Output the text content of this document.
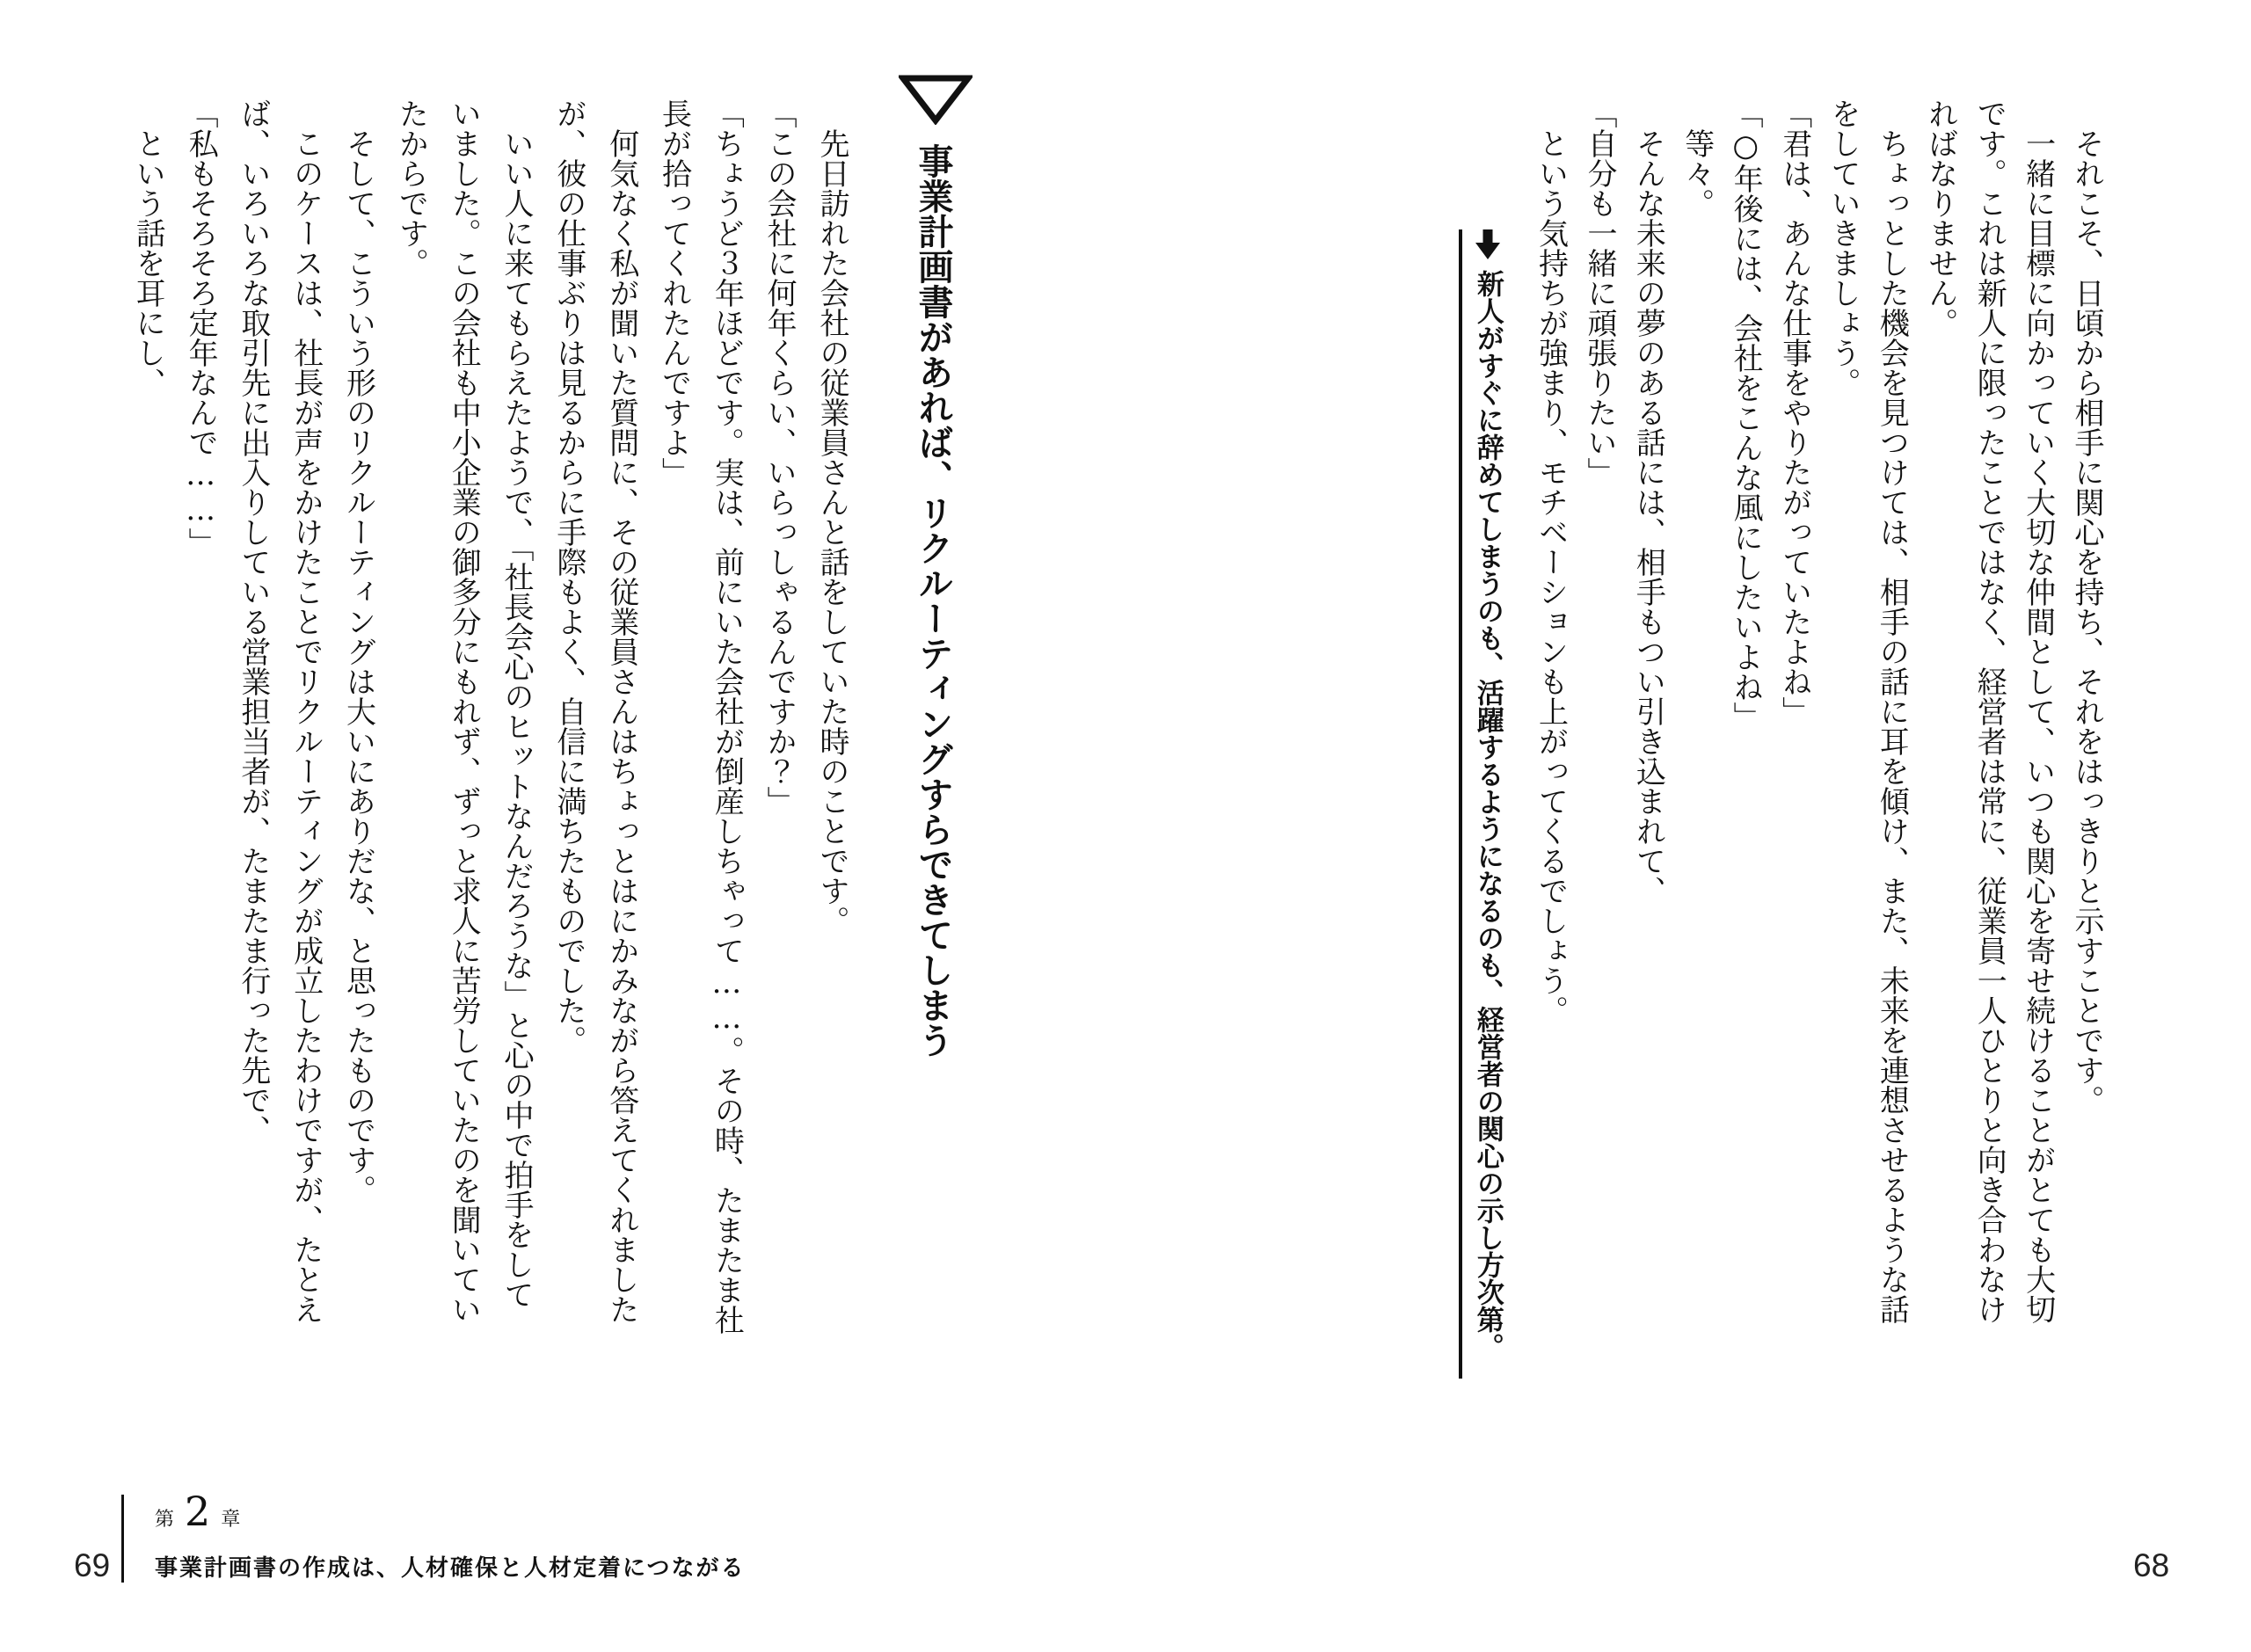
それこそ、日頃から相手に関心を持ち、それをはっきりと示すことです。

一緒に目標に向かっていく大切な仲間として、いつも関心を寄せ続けることがとても大切

です。これは新人に限ったことではなく、経営者は常に、従業員一人ひとりと向き合わなけ

ればなりません。

ちょっとした機会を見つけては、相手の話に耳を傾け、また、未来を連想させるような話

をしていきましょう。

「君は、あんな仕事をやりたがっていたよね」

「○年後には、会社をこんな風にしたいよね」

等々。

そんな未来の夢のある話には、相手もつい引き込まれて、

「自分も一緒に頑張りたい」

という気持ちが強まり、モチベーションも上がってくるでしょう。

新人がすぐに辞めてしまうのも、活躍するようになるのも、経営者の関心の示し方次第。

68

事業計画書があれば、リクルーティングすらできてしまう

先日訪れた会社の従業員さんと話をしていた時のことです。

「この会社に何年くらい、いらっしゃるんですか？」

「ちょうど３年ほどです。実は、前にいた会社が倒産しちゃって……。その時、たまたま社

長が拾ってくれたんですよ」

何気なく私が聞いた質問に、その従業員さんはちょっとはにかみながら答えてくれました

が、彼の仕事ぶりは見るからに手際もよく、自信に満ちたものでした。

いい人に来てもらえたようで、「社長会心のヒットなんだろうな」と心の中で拍手をして

いました。この会社も中小企業の御多分にもれず、ずっと求人に苦労していたのを聞いてい

たからです。

そして、こういう形のリクルーティングは大いにありだな、と思ったものです。

このケースは、社長が声をかけたことでリクルーティングが成立したわけですが、たとえ

ば、いろいろな取引先に出入りしている営業担当者が、たまたま行った先で、

「私もそろそろ定年なんで……」

という話を耳にし、

69
第 2 章
事業計画書の作成は、人材確保と人材定着につながる
